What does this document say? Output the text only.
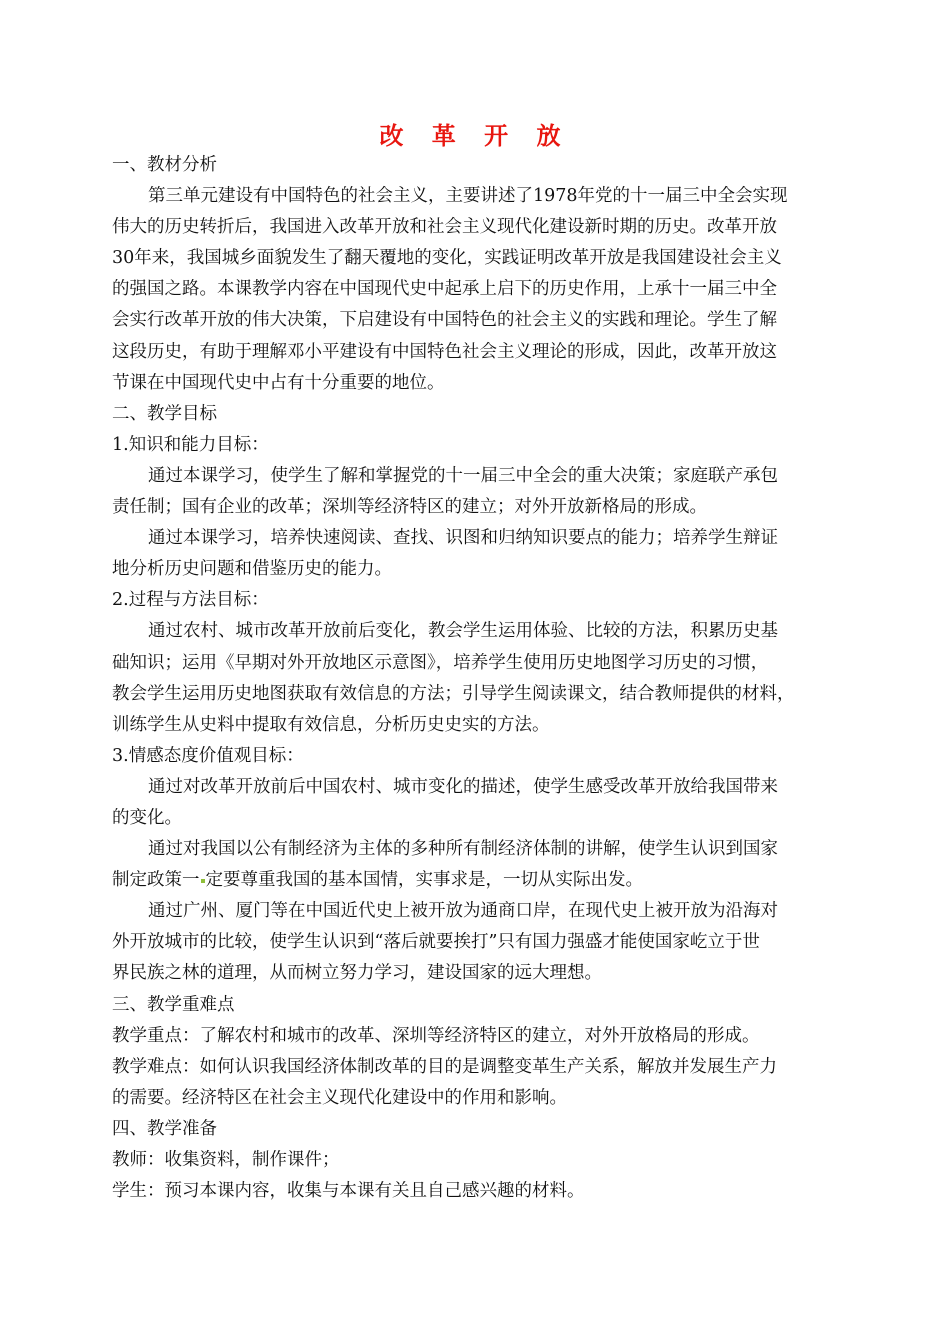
改 革 开 放
一、教材分析
第三单元建设有中国特色的社会主义，主要讲述了1978年党的十一届三中全会实现
伟大的历史转折后，我国进入改革开放和社会主义现代化建设新时期的历史。改革开放
30年来，我国城乡面貌发生了翻天覆地的变化，实践证明改革开放是我国建设社会主义
的强国之路。本课教学内容在中国现代史中起承上启下的历史作用，上承十一届三中全
会实行改革开放的伟大决策，下启建设有中国特色的社会主义的实践和理论。学生了解
这段历史，有助于理解邓小平建设有中国特色社会主义理论的形成，因此，改革开放这
节课在中国现代史中占有十分重要的地位。
二、教学目标
1.知识和能力目标：
通过本课学习，使学生了解和掌握党的十一届三中全会的重大决策；家庭联产承包
责任制；国有企业的改革；深圳等经济特区的建立；对外开放新格局的形成。
通过本课学习，培养快速阅读、查找、识图和归纳知识要点的能力；培养学生辩证
地分析历史问题和借鉴历史的能力。
2.过程与方法目标：
通过农村、城市改革开放前后变化，教会学生运用体验、比较的方法，积累历史基
础知识；运用《早期对外开放地区示意图》，培养学生使用历史地图学习历史的习惯，
教会学生运用历史地图获取有效信息的方法；引导学生阅读课文，结合教师提供的材料，
训练学生从史料中提取有效信息，分析历史史实的方法。
3.情感态度价值观目标：
通过对改革开放前后中国农村、城市变化的描述，使学生感受改革开放给我国带来
的变化。
通过对我国以公有制经济为主体的多种所有制经济体制的讲解，使学生认识到国家
制定政策一 定要尊重我国的基本国情，实事求是，一切从实际出发。
通过广州、厦门等在中国近代史上被开放为通商口岸，在现代史上被开放为沿海对
外开放城市的比较，使学生认识到“落后就要挨打”只有国力强盛才能使国家屹立于世
界民族之林的道理，从而树立努力学习，建设国家的远大理想。
三、教学重难点
教学重点：了解农村和城市的改革、深圳等经济特区的建立，对外开放格局的形成。
教学难点：如何认识我国经济体制改革的目的是调整变革生产关系，解放并发展生产力
的需要。经济特区在社会主义现代化建设中的作用和影响。
四、教学准备
教师：收集资料，制作课件；
学生：预习本课内容，收集与本课有关且自己感兴趣的材料。
